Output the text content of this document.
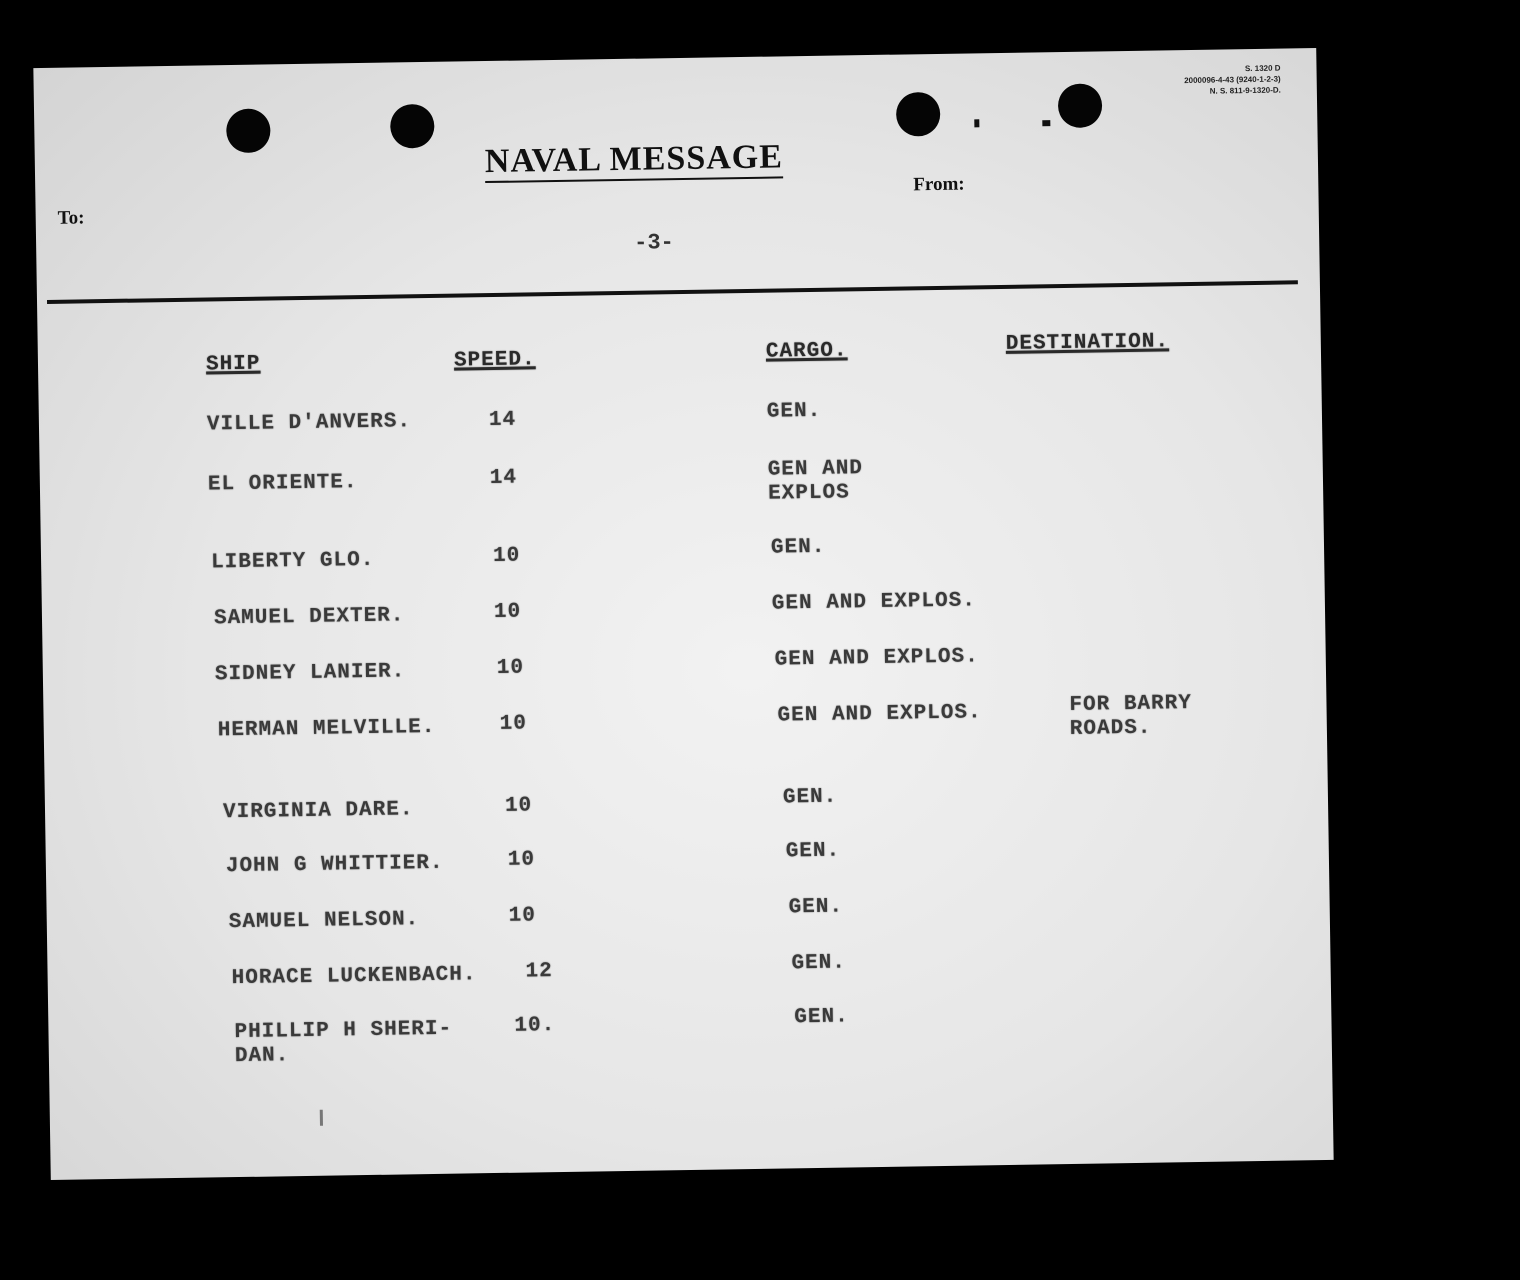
S. 1320 D
2000096-4-43 (9240-1-2-3)
N. S. 811-9-1320-D.
NAVAL MESSAGE
To:
From:
-3-
SHIP	SPEED.	CARGO.	DESTINATION.
VILLE D'ANVERS.	14	GEN.
EL ORIENTE.	14	GEN AND
EXPLOS
LIBERTY GLO.	10	GEN.
SAMUEL DEXTER.	10	GEN AND EXPLOS.
SIDNEY LANIER.	10	GEN AND EXPLOS.
HERMAN MELVILLE.	10	GEN AND EXPLOS.	FOR BARRY
ROADS.
VIRGINIA DARE.	10	GEN.
JOHN G WHITTIER.	10	GEN.
SAMUEL NELSON.	10	GEN.
HORACE LUCKENBACH. 12	GEN.
PHILLIP H SHERI-
DAN.
10.	GEN.
